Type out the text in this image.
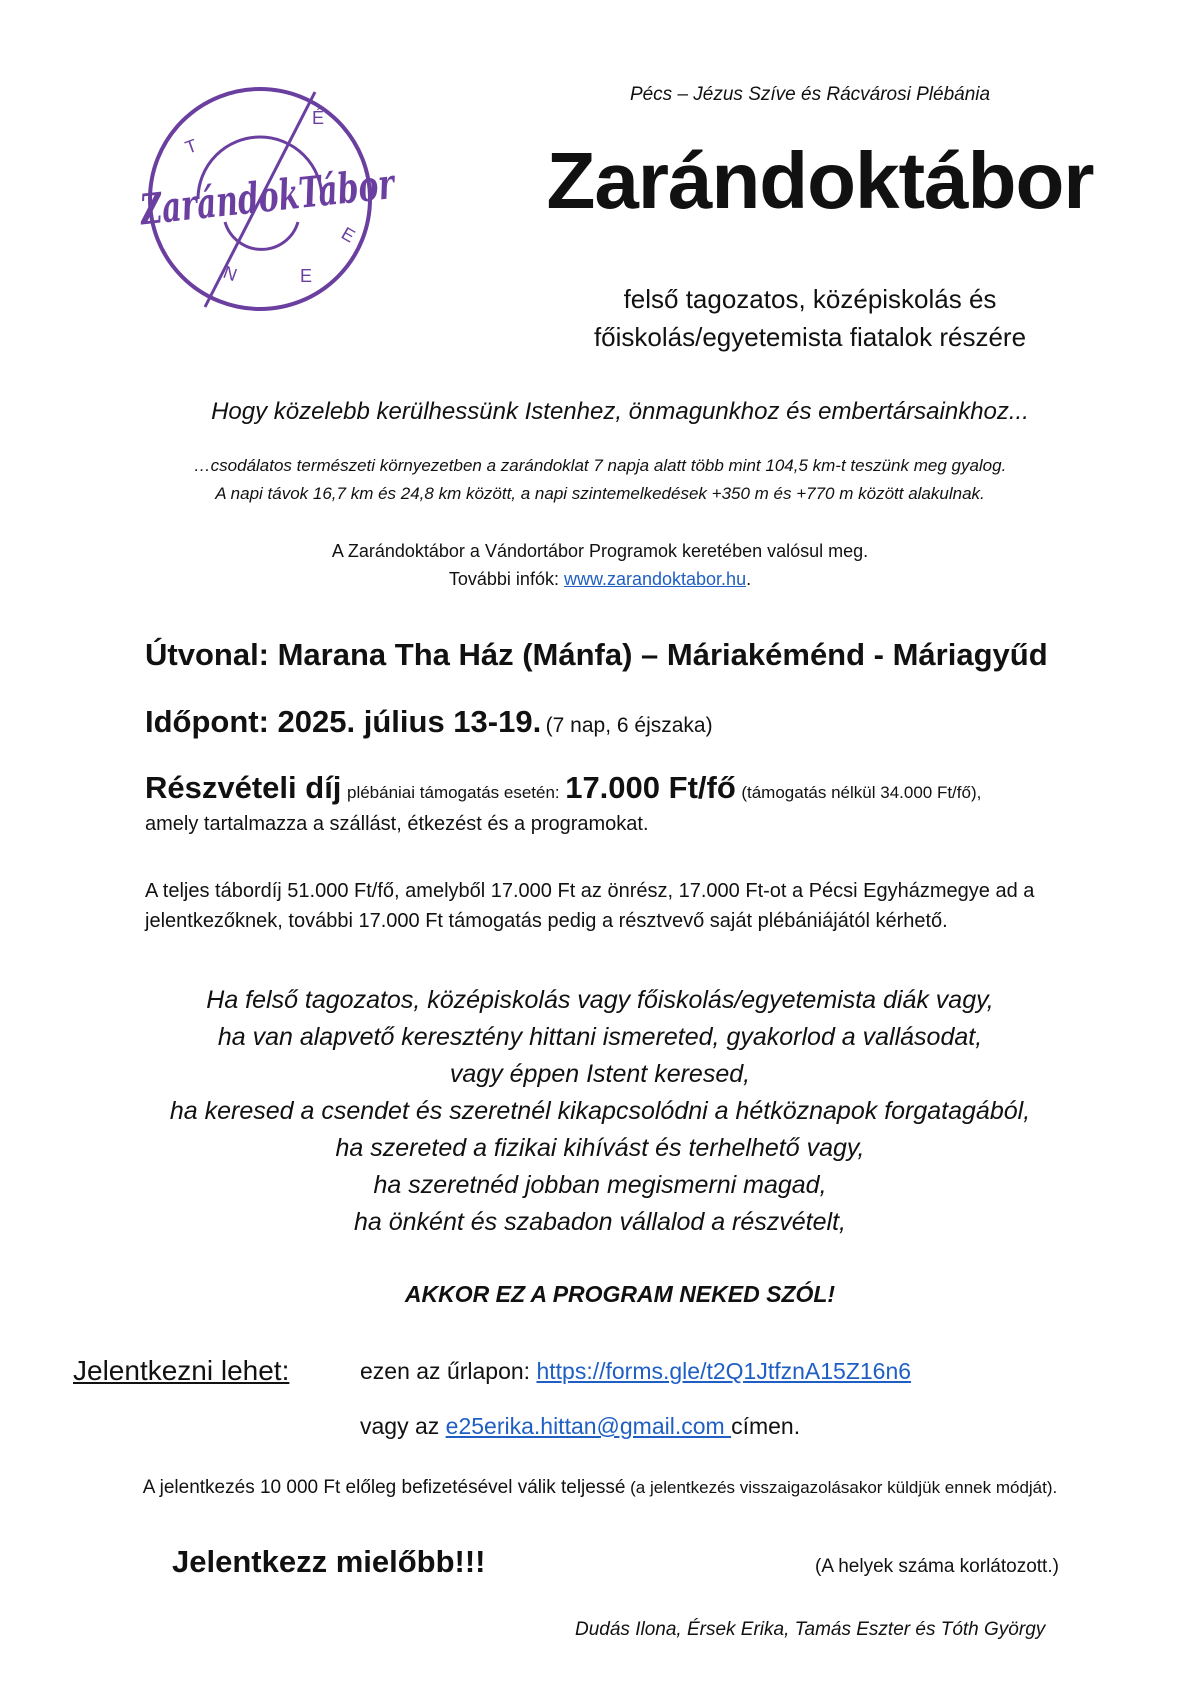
É
T
E
E
N
ZarándokTábor
Pécs – Jézus Szíve és Rácvárosi Plébánia
Zarándoktábor
felső tagozatos, középiskolás és
főiskolás/egyetemista fiatalok részére
Hogy közelebb kerülhessünk Istenhez, önmagunkhoz és embertársainkhoz...
…csodálatos természeti környezetben a zarándoklat 7 napja alatt több mint 104,5 km-t teszünk meg gyalog.
A napi távok 16,7 km és 24,8 km között, a napi szintemelkedések +350 m és +770 m között alakulnak.
A Zarándoktábor a Vándortábor Programok keretében valósul meg.
További infók: www.zarandoktabor.hu.
Útvonal: Marana Tha Ház (Mánfa) – Máriakéménd - Máriagyűd
Időpont: 2025. július 13-19. (7 nap, 6 éjszaka)
Részvételi díj plébániai támogatás esetén: 17.000 Ft/fő (támogatás nélkül 34.000 Ft/fő),
amely tartalmazza a szállást, étkezést és a programokat.
A teljes tábordíj 51.000 Ft/fő, amelyből 17.000 Ft az önrész, 17.000 Ft-ot a Pécsi Egyházmegye ad a
jelentkezőknek, további 17.000 Ft támogatás pedig a résztvevő saját plébániájától kérhető.
Ha felső tagozatos, középiskolás vagy főiskolás/egyetemista diák vagy,
ha van alapvető keresztény hittani ismereted, gyakorlod a vallásodat,
vagy éppen Istent keresed,
ha keresed a csendet és szeretnél kikapcsolódni a hétköznapok forgatagából,
ha szereted a fizikai kihívást és terhelhető vagy,
ha szeretnéd jobban megismerni magad,
ha önként és szabadon vállalod a részvételt,
AKKOR EZ A PROGRAM NEKED SZÓL!
Jelentkezni lehet:	ezen az űrlapon: https://forms.gle/t2Q1JtfznA15Z16n6
vagy az e25erika.hittan@gmail.com címen.
A jelentkezés 10 000 Ft előleg befizetésével válik teljessé (a jelentkezés visszaigazolásakor küldjük ennek módját).
Jelentkezz mielőbb!!!	(A helyek száma korlátozott.)
Dudás Ilona, Érsek Erika, Tamás Eszter és Tóth György
